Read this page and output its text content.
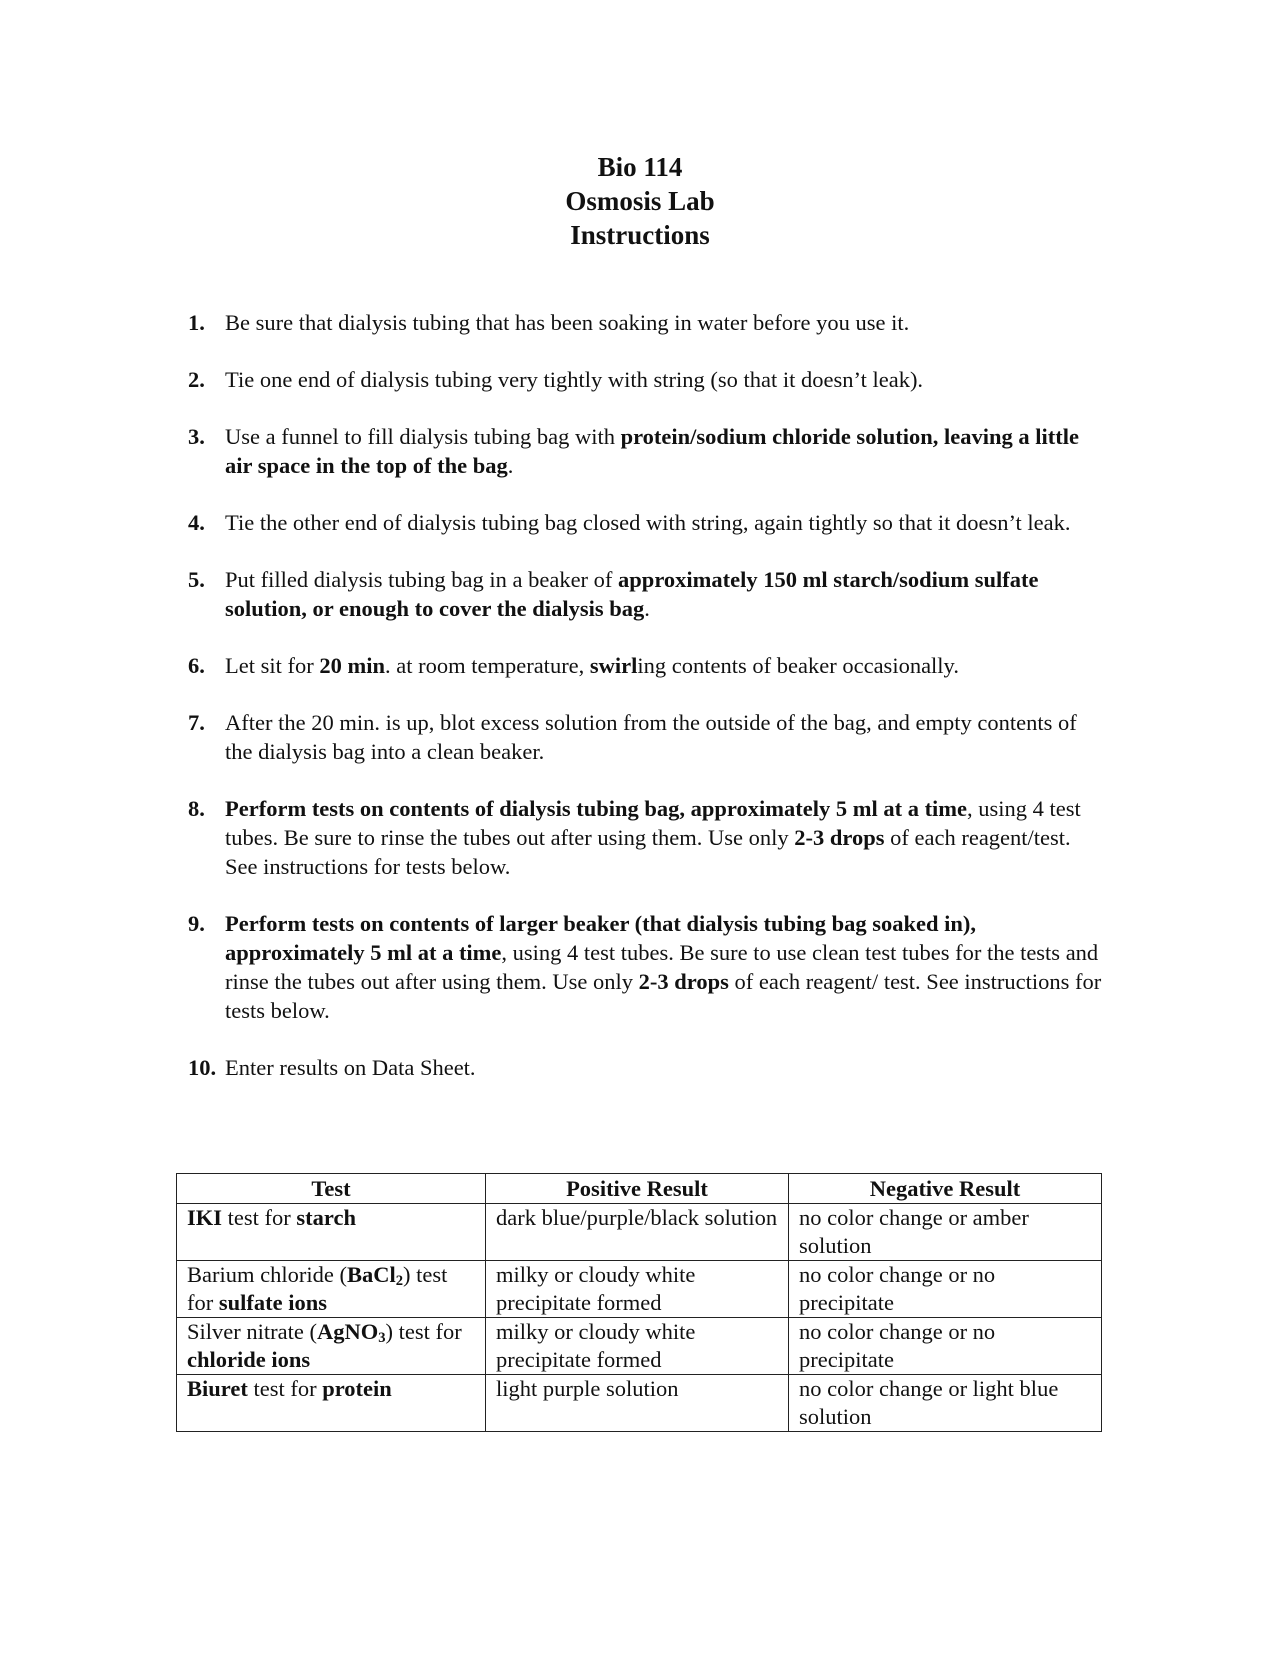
Bio 114
Osmosis Lab
Instructions
1. Be sure that dialysis tubing that has been soaking in water before you use it.
2. Tie one end of dialysis tubing very tightly with string (so that it doesn’t leak).
3. Use a funnel to fill dialysis tubing bag with protein/sodium chloride solution, leaving a little air space in the top of the bag.
4. Tie the other end of dialysis tubing bag closed with string, again tightly so that it doesn’t leak.
5. Put filled dialysis tubing bag in a beaker of approximately 150 ml starch/sodium sulfate solution, or enough to cover the dialysis bag.
6. Let sit for 20 min. at room temperature, swirling contents of beaker occasionally.
7. After the 20 min. is up, blot excess solution from the outside of the bag, and empty contents of the dialysis bag into a clean beaker.
8. Perform tests on contents of dialysis tubing bag, approximately 5 ml at a time, using 4 test tubes. Be sure to rinse the tubes out after using them. Use only 2-3 drops of each reagent/test. See instructions for tests below.
9. Perform tests on contents of larger beaker (that dialysis tubing bag soaked in), approximately 5 ml at a time, using 4 test tubes. Be sure to use clean test tubes for the tests and rinse the tubes out after using them. Use only 2-3 drops of each reagent/ test. See instructions for tests below.
10. Enter results on Data Sheet.
Test	Positive Result	Negative Result
IKI test for starch	dark blue/purple/black solution	no color change or amber solution
Barium chloride (BaCl$_2$) test for sulfate ions	milky or cloudy white precipitate formed	no color change or no precipitate
Silver nitrate (AgNO$_3$) test for chloride ions	milky or cloudy white precipitate formed	no color change or no precipitate
Biuret test for protein	light purple solution	no color change or light blue solution
